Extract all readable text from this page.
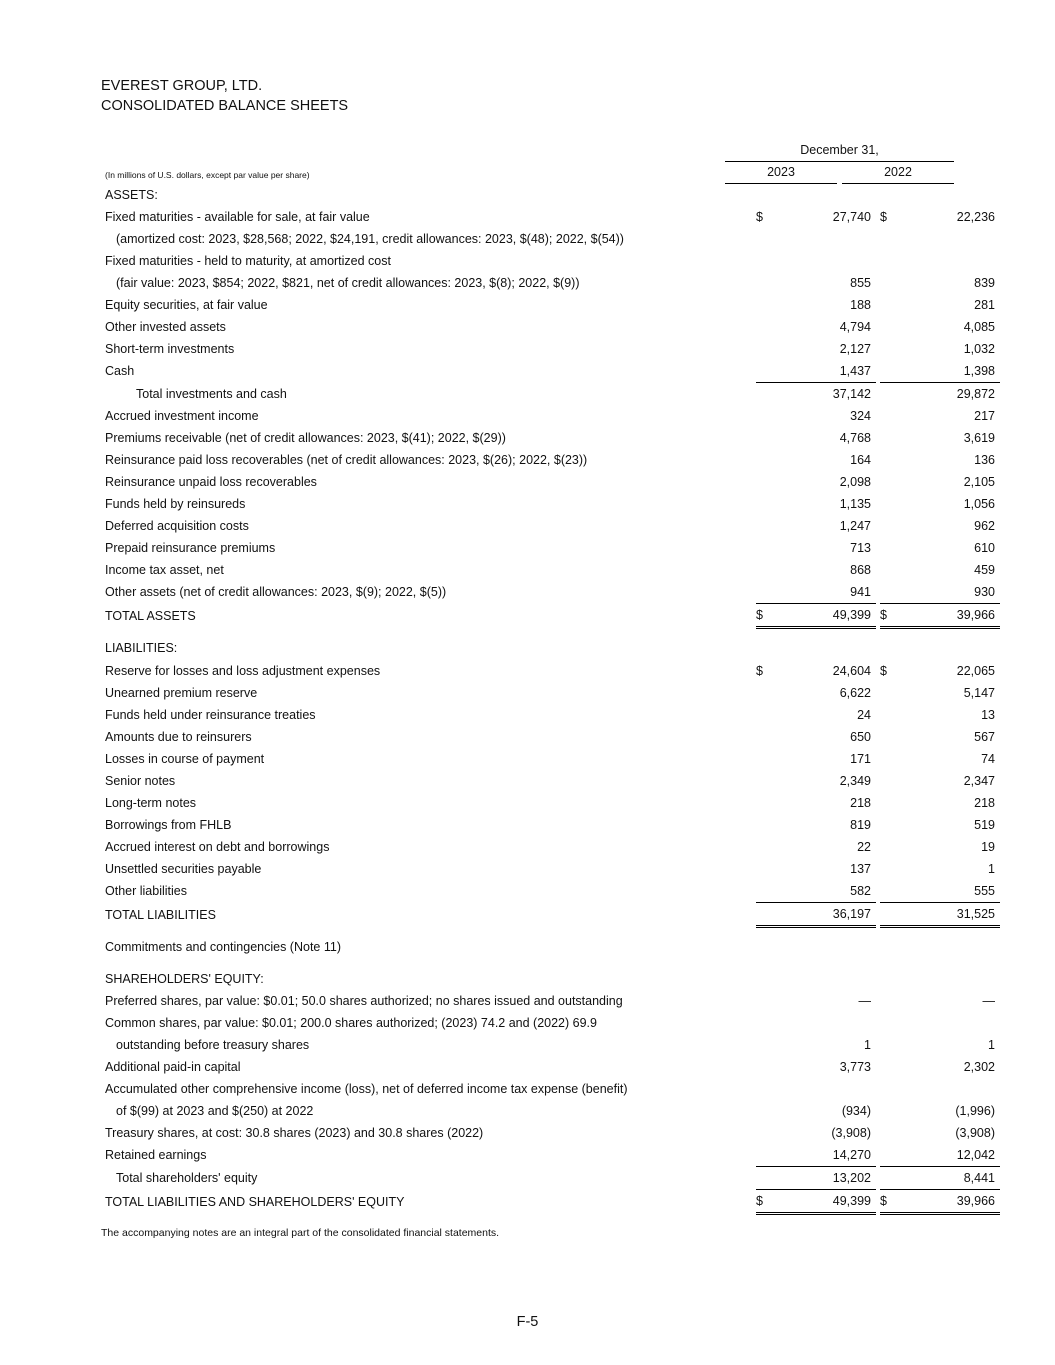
EVEREST GROUP, LTD.
CONSOLIDATED BALANCE SHEETS
December 31,
2023	2022
(In millions of U.S. dollars, except par value per share)
ASSETS:							
Fixed maturities - available for sale, at fair value	$	27,740			$	22,236	
(amortized cost: 2023, $28,568; 2022, $24,191, credit allowances: 2023, $(48); 2022, $(54))							
Fixed maturities - held to maturity, at amortized cost							
(fair value: 2023, $854; 2022, $821, net of credit allowances: 2023, $(8); 2022, $(9))		855				839	
Equity securities, at fair value		188				281	
Other invested assets		4,794				4,085	
Short-term investments		2,127				1,032	
Cash		1,437				1,398	
Total investments and cash		37,142				29,872	
Accrued investment income		324				217	
Premiums receivable (net of credit allowances: 2023, $(41); 2022, $(29))		4,768				3,619	
Reinsurance paid loss recoverables (net of credit allowances: 2023, $(26); 2022, $(23))		164				136	
Reinsurance unpaid loss recoverables		2,098				2,105	
Funds held by reinsureds		1,135				1,056	
Deferred acquisition costs		1,247				962	
Prepaid reinsurance premiums		713				610	
Income tax asset, net		868				459	
Other assets (net of credit allowances: 2023, $(9); 2022, $(5))		941				930	
TOTAL ASSETS	$	49,399			$	39,966	
LIABILITIES:							
Reserve for losses and loss adjustment expenses	$	24,604			$	22,065	
Unearned premium reserve		6,622				5,147	
Funds held under reinsurance treaties		24				13	
Amounts due to reinsurers		650				567	
Losses in course of payment		171				74	
Senior notes		2,349				2,347	
Long-term notes		218				218	
Borrowings from FHLB		819				519	
Accrued interest on debt and borrowings		22				19	
Unsettled securities payable		137				1	
Other liabilities		582				555	
TOTAL LIABILITIES		36,197				31,525	
Commitments and contingencies (Note 11)							
SHAREHOLDERS' EQUITY:							
Preferred shares, par value: $0.01; 50.0 shares authorized; no shares issued and outstanding		—				—	
Common shares, par value: $0.01; 200.0 shares authorized; (2023) 74.2 and (2022) 69.9							
outstanding before treasury shares		1				1	
Additional paid-in capital		3,773				2,302	
Accumulated other comprehensive income (loss), net of deferred income tax expense (benefit)							
of $(99) at 2023 and $(250) at 2022		(934)				(1,996)	
Treasury shares, at cost: 30.8 shares (2023) and 30.8 shares (2022)		(3,908)				(3,908)	
Retained earnings		14,270				12,042	
Total shareholders' equity		13,202				8,441	
TOTAL LIABILITIES AND SHAREHOLDERS' EQUITY	$	49,399			$	39,966	
The accompanying notes are an integral part of the consolidated financial statements.
F-5
